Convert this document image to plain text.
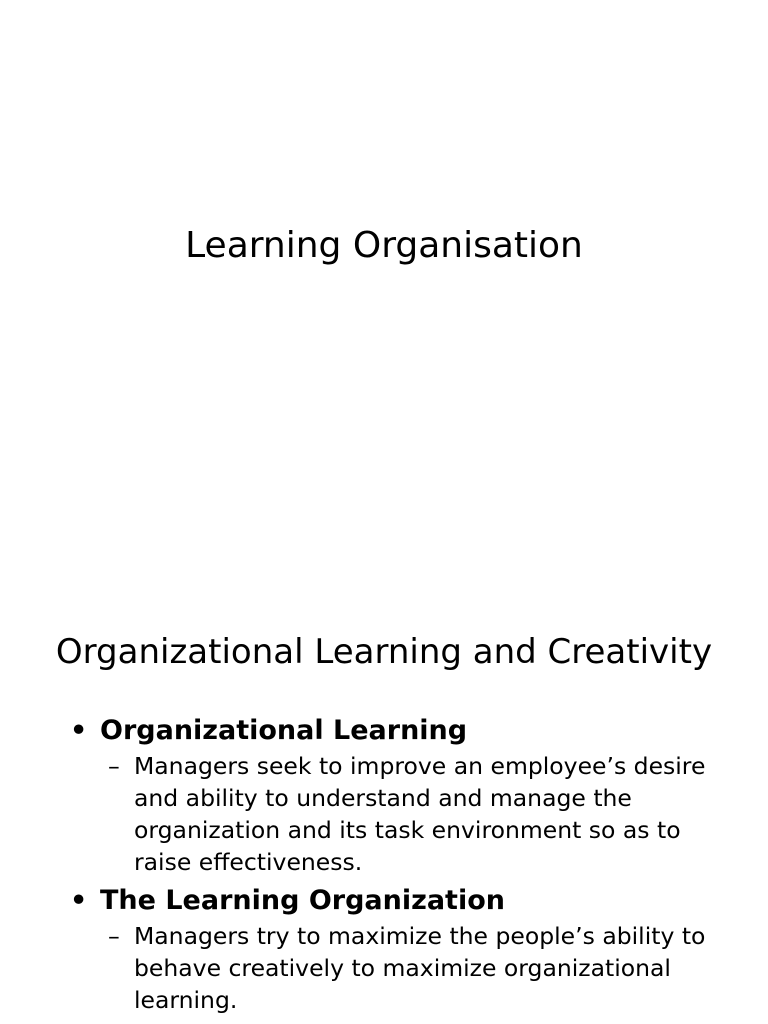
Learning Organisation
Organizational Learning and Creativity
• Organizational Learning
– Managers seek to improve an employee’s desire and ability to understand and manage the organization and its task environment so as to raise effectiveness.
• The Learning Organization
– Managers try to maximize the people’s ability to behave creatively to maximize organizational learning.
